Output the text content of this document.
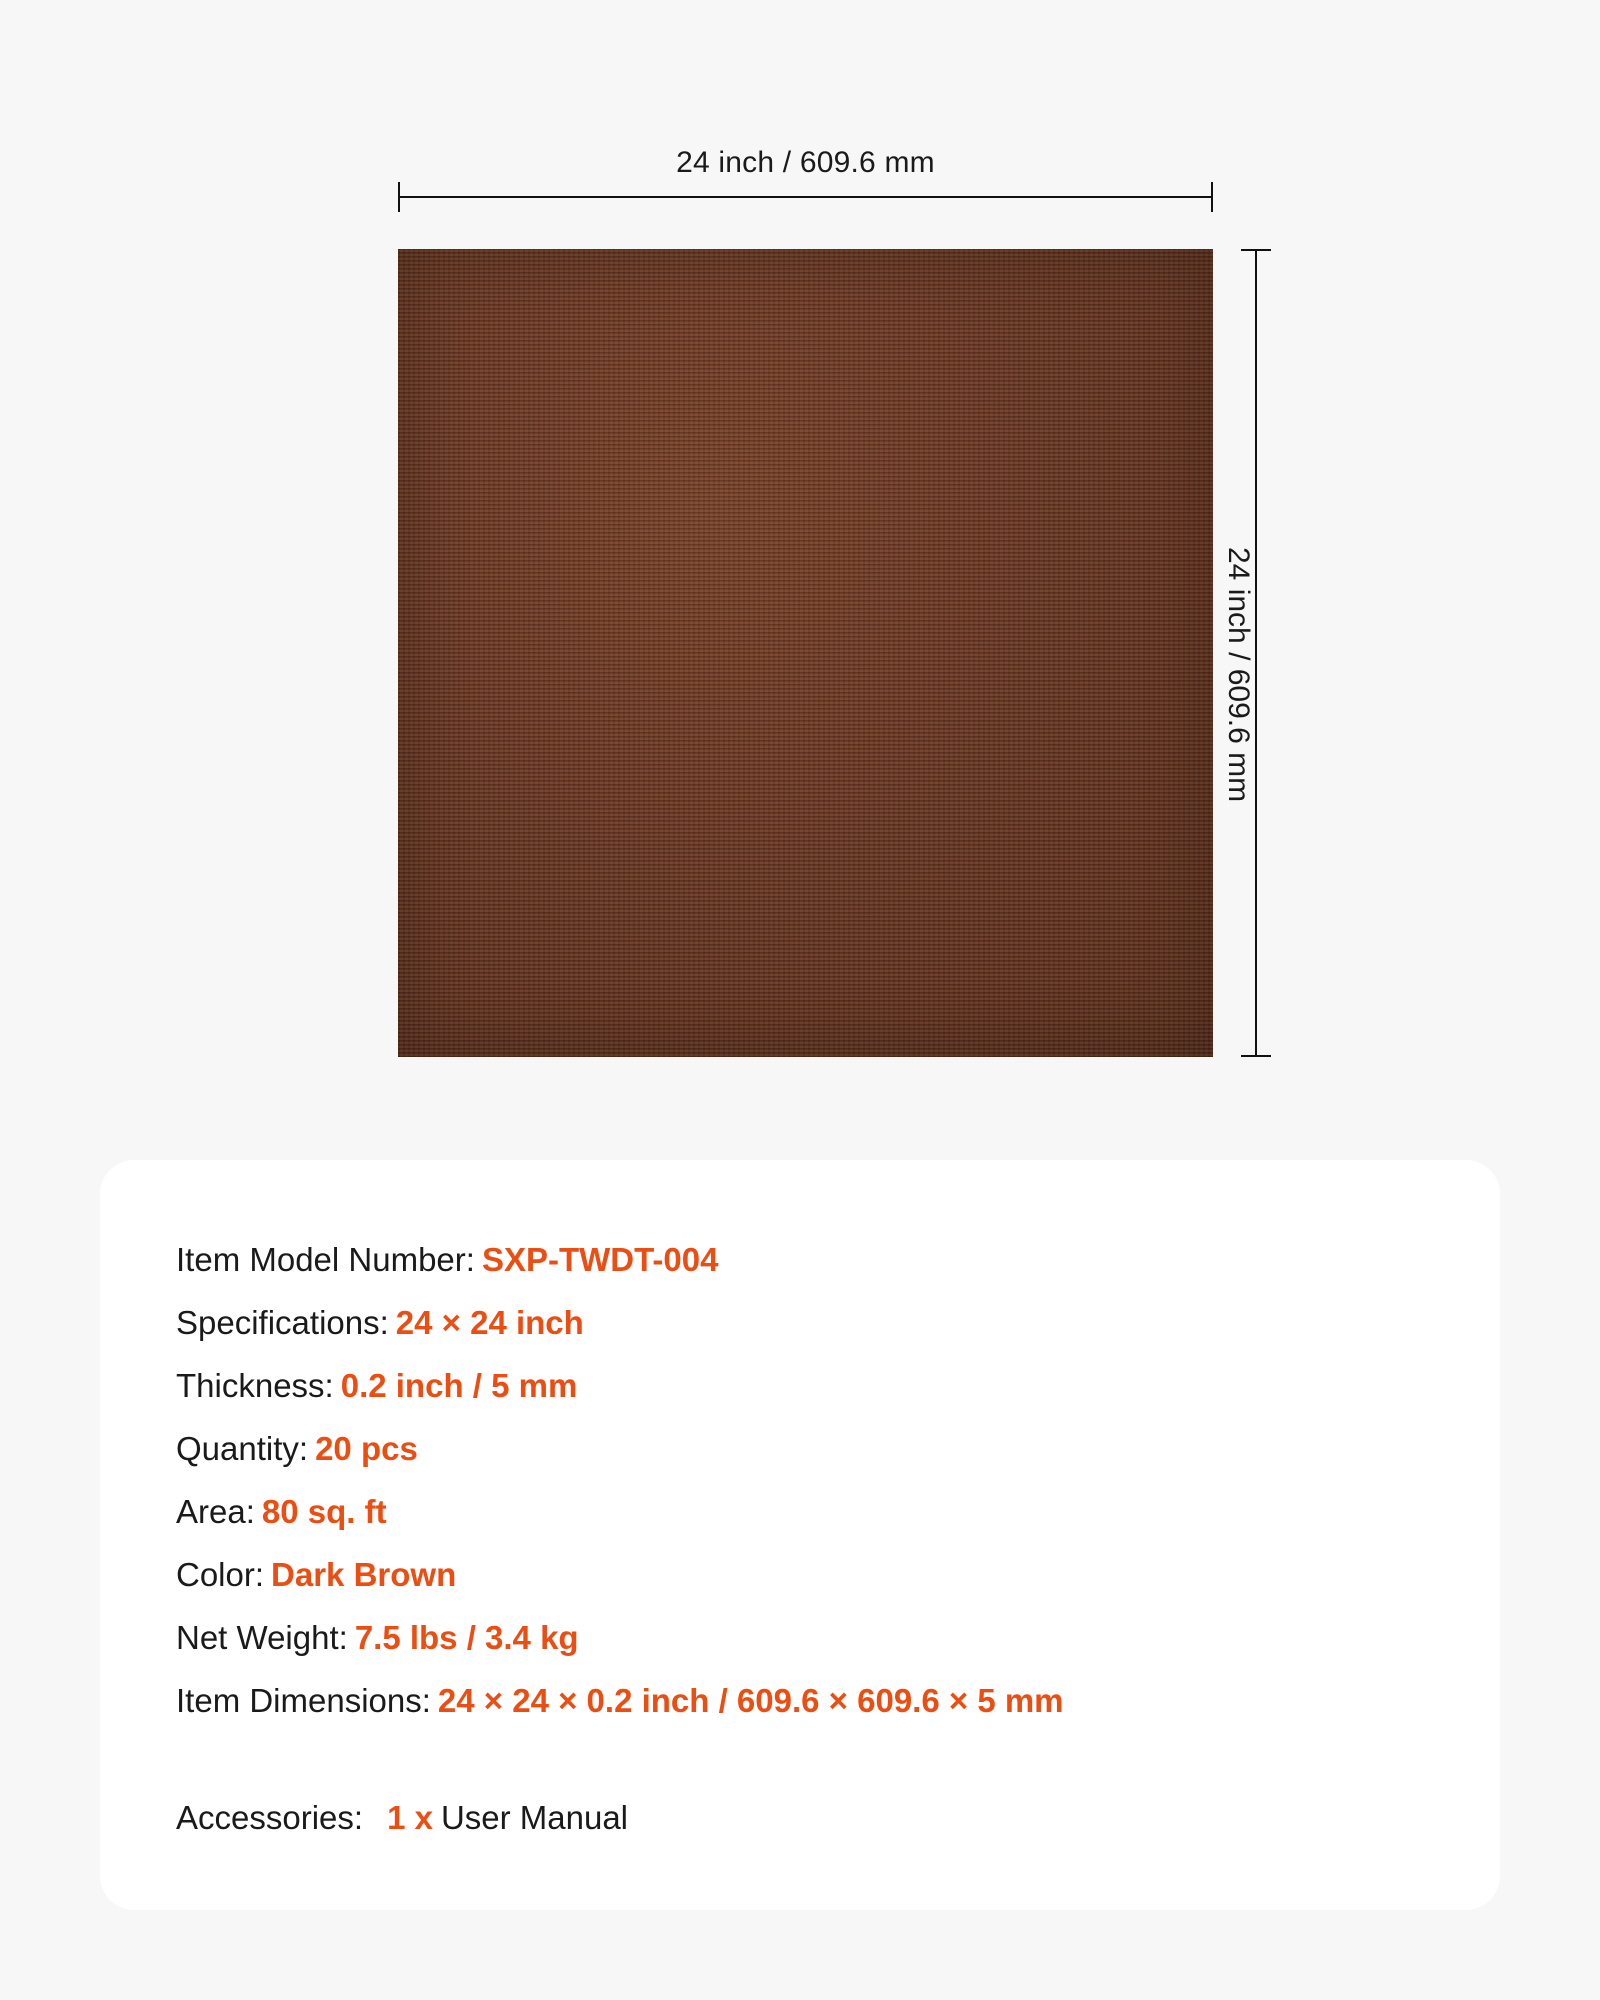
24 inch / 609.6 mm
24 inch / 609.6 mm
Item Model Number: SXP-TWDT-004
Specifications: 24 × 24 inch
Thickness: 0.2 inch / 5 mm
Quantity: 20 pcs
Area: 80 sq. ft
Color: Dark Brown
Net Weight: 7.5 lbs / 3.4 kg
Item Dimensions: 24 × 24 × 0.2 inch / 609.6 × 609.6 × 5 mm
Accessories: 1 x User Manual
